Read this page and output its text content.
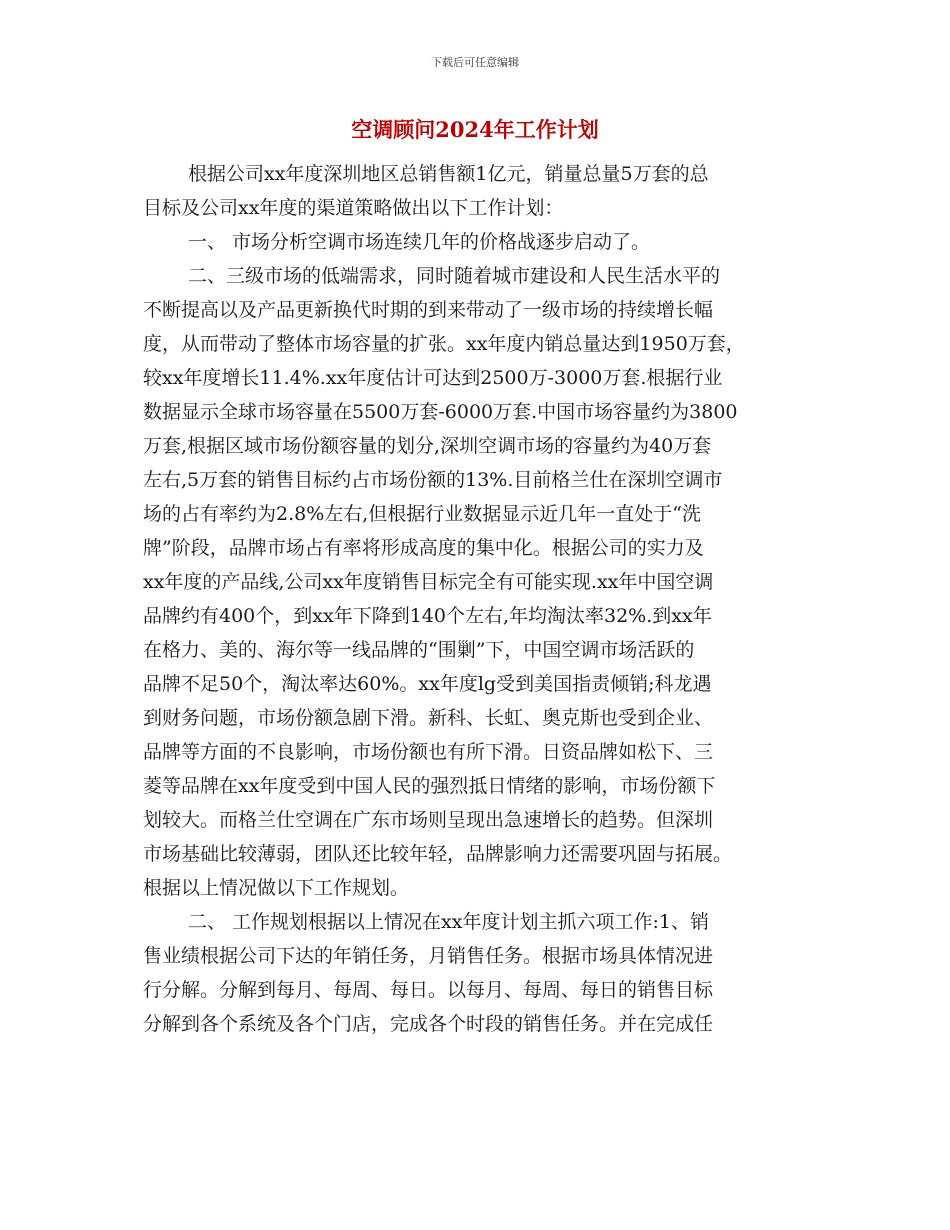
下载后可任意编辑
空调顾问2024年工作计划
根据公司xx年度深圳地区总销售额1亿元，销量总量5万套的总
目标及公司xx年度的渠道策略做出以下工作计划：
一、 市场分析空调市场连续几年的价格战逐步启动了。
二、三级市场的低端需求，同时随着城市建设和人民生活水平的
不断提高以及产品更新换代时期的到来带动了一级市场的持续增长幅
度，从而带动了整体市场容量的扩张。xx年度内销总量达到1950万套，
较xx年度增长11.4%.xx年度估计可达到2500万-3000万套.根据行业
数据显示全球市场容量在5500万套-6000万套.中国市场容量约为3800
万套,根据区域市场份额容量的划分,深圳空调市场的容量约为40万套
左右,5万套的销售目标约占市场份额的13%.目前格兰仕在深圳空调市
场的占有率约为2.8%左右,但根据行业数据显示近几年一直处于“洗
牌”阶段，品牌市场占有率将形成高度的集中化。根据公司的实力及
xx年度的产品线,公司xx年度销售目标完全有可能实现.xx年中国空调
品牌约有400个，到xx年下降到140个左右,年均淘汰率32%.到xx年
在格力、美的、海尔等一线品牌的“围剿”下，中国空调市场活跃的
品牌不足50个，淘汰率达60%。xx年度lg受到美国指责倾销;科龙遇
到财务问题，市场份额急剧下滑。新科、长虹、奥克斯也受到企业、
品牌等方面的不良影响，市场份额也有所下滑。日资品牌如松下、三
菱等品牌在xx年度受到中国人民的强烈抵日情绪的影响，市场份额下
划较大。而格兰仕空调在广东市场则呈现出急速增长的趋势。但深圳
市场基础比较薄弱，团队还比较年轻，品牌影响力还需要巩固与拓展。
根据以上情况做以下工作规划。
二、 工作规划根据以上情况在xx年度计划主抓六项工作:1、销
售业绩根据公司下达的年销任务，月销售任务。根据市场具体情况进
行分解。分解到每月、每周、每日。以每月、每周、每日的销售目标
分解到各个系统及各个门店，完成各个时段的销售任务。并在完成任
